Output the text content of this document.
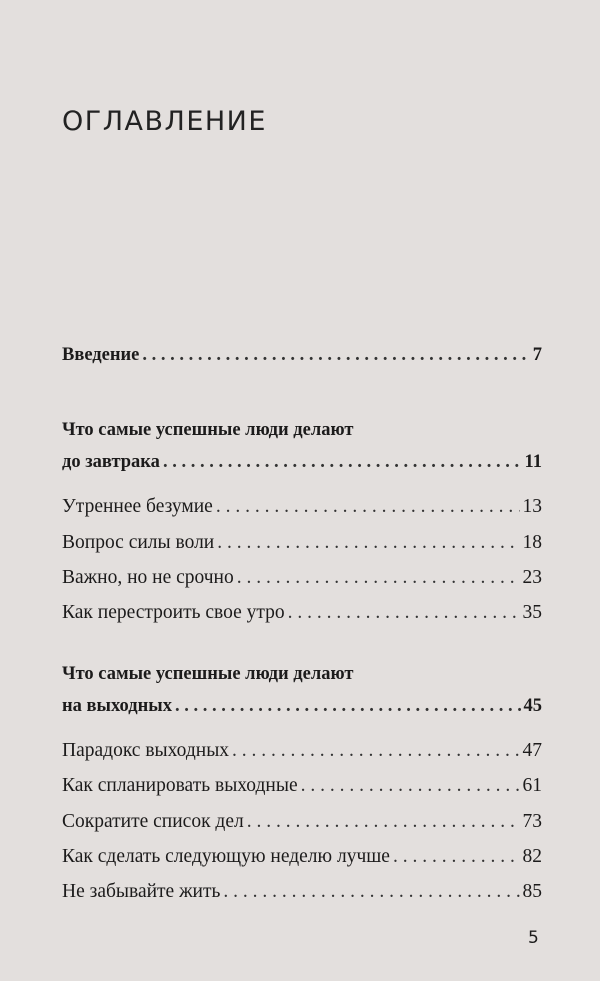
ОГЛАВЛЕНИЕ
Введение . . .	7
Что самые успешные люди делают
до завтрака . . .	11
Утреннее безумие . . .	13
Вопрос силы воли . . .	18
Важно, но не срочно . . .	23
Как перестроить свое утро . . .	35
Что самые успешные люди делают
на выходных . . .	45
Парадокс выходных . . .	47
Как спланировать выходные . . .	61
Сократите список дел . . .	73
Как сделать следующую неделю лучше . . .	82
Не забывайте жить . . .	85
5
